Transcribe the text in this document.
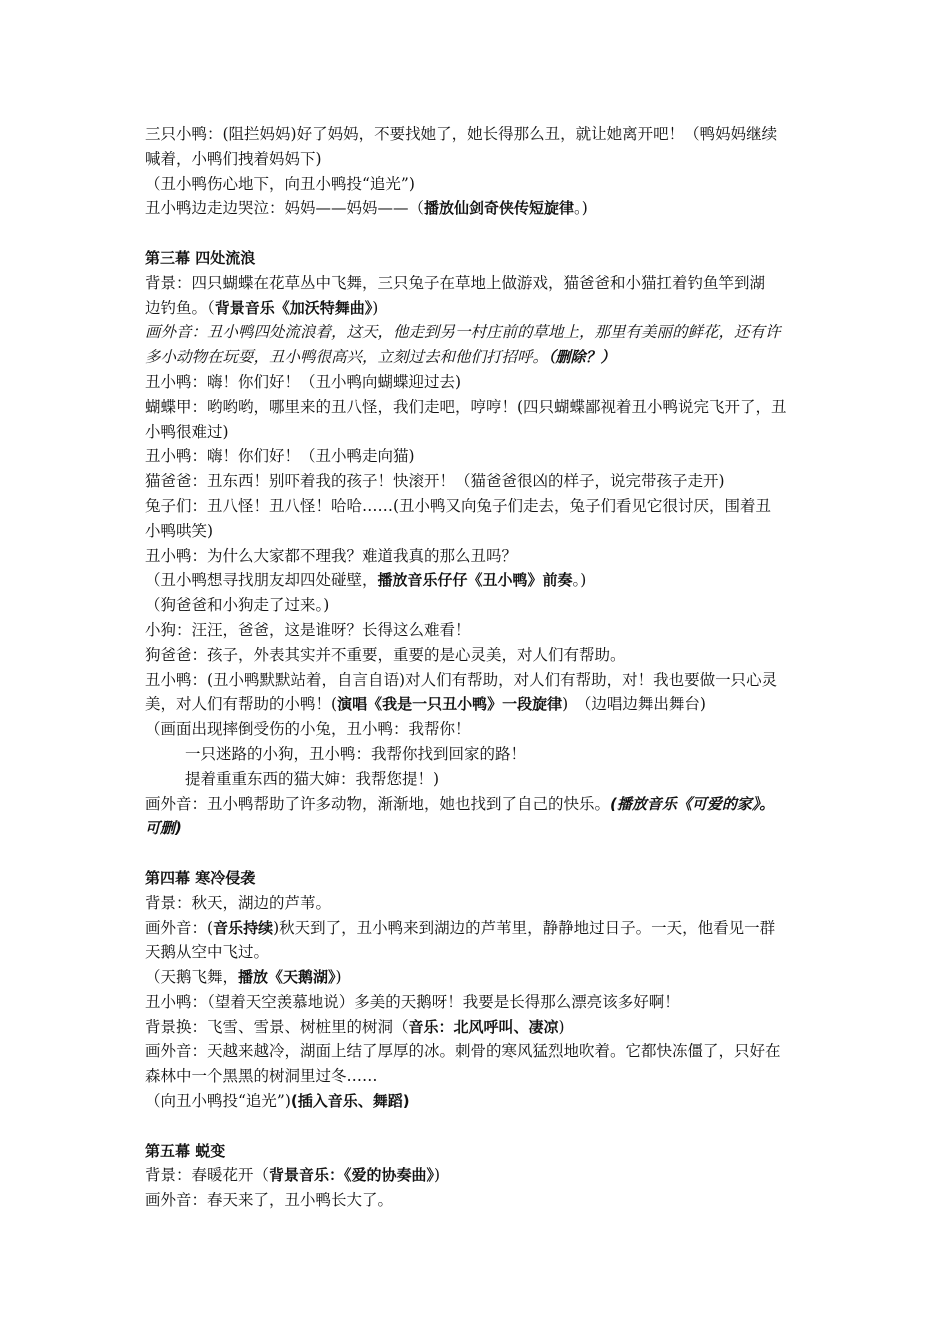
三只小鸭：(阻拦妈妈)好了妈妈，不要找她了，她长得那么丑，就让她离开吧！（鸭妈妈继续
喊着，小鸭们拽着妈妈下)
（丑小鸭伤心地下，向丑小鸭投“追光”)
丑小鸭边走边哭泣：妈妈——妈妈——（播放仙剑奇侠传短旋律。)
第三幕 四处流浪
背景：四只蝴蝶在花草丛中飞舞，三只兔子在草地上做游戏，猫爸爸和小猫扛着钓鱼竿到湖
边钓鱼。（背景音乐《加沃特舞曲》)
画外音：丑小鸭四处流浪着，这天，他走到另一村庄前的草地上，那里有美丽的鲜花，还有许
多小动物在玩耍，丑小鸭很高兴，立刻过去和他们打招呼。（删除？）
丑小鸭：嗨！你们好！（丑小鸭向蝴蝶迎过去)
蝴蝶甲：哟哟哟，哪里来的丑八怪，我们走吧，哼哼！(四只蝴蝶鄙视着丑小鸭说完飞开了，丑
小鸭很难过)
丑小鸭：嗨！你们好！（丑小鸭走向猫)
猫爸爸：丑东西！别吓着我的孩子！快滚开！（猫爸爸很凶的样子，说完带孩子走开)
兔子们：丑八怪！丑八怪！哈哈……(丑小鸭又向兔子们走去，兔子们看见它很讨厌，围着丑
小鸭哄笑)
丑小鸭：为什么大家都不理我？难道我真的那么丑吗？
（丑小鸭想寻找朋友却四处碰壁，播放音乐仔仔《丑小鸭》前奏。)
（狗爸爸和小狗走了过来。)
小狗：汪汪，爸爸，这是谁呀？长得这么难看！
狗爸爸：孩子，外表其实并不重要，重要的是心灵美，对人们有帮助。
丑小鸭：(丑小鸭默默站着，自言自语)对人们有帮助，对人们有帮助，对！我也要做一只心灵
美，对人们有帮助的小鸭！(演唱《我是一只丑小鸭》一段旋律)　（边唱边舞出舞台)
（画面出现摔倒受伤的小兔，丑小鸭：我帮你！
一只迷路的小狗，丑小鸭：我帮你找到回家的路！
提着重重东西的猫大婶：我帮您提！)
画外音：丑小鸭帮助了许多动物，渐渐地，她也找到了自己的快乐。(播放音乐《可爱的家》。
可删)
第四幕 寒冷侵袭
背景：秋天，湖边的芦苇。
画外音：(音乐持续)秋天到了，丑小鸭来到湖边的芦苇里，静静地过日子。一天，他看见一群
天鹅从空中飞过。
（天鹅飞舞，播放《天鹅湖》)
丑小鸭：（望着天空羡慕地说）多美的天鹅呀！我要是长得那么漂亮该多好啊！
背景换：飞雪、雪景、树桩里的树洞（音乐：北风呼叫、凄凉)
画外音：天越来越冷，湖面上结了厚厚的冰。刺骨的寒风猛烈地吹着。它都快冻僵了，只好在
森林中一个黑黑的树洞里过冬……
（向丑小鸭投“追光”)(插入音乐、舞蹈)
第五幕 蜕变
背景：春暖花开（背景音乐：《爱的协奏曲》)
画外音：春天来了，丑小鸭长大了。
